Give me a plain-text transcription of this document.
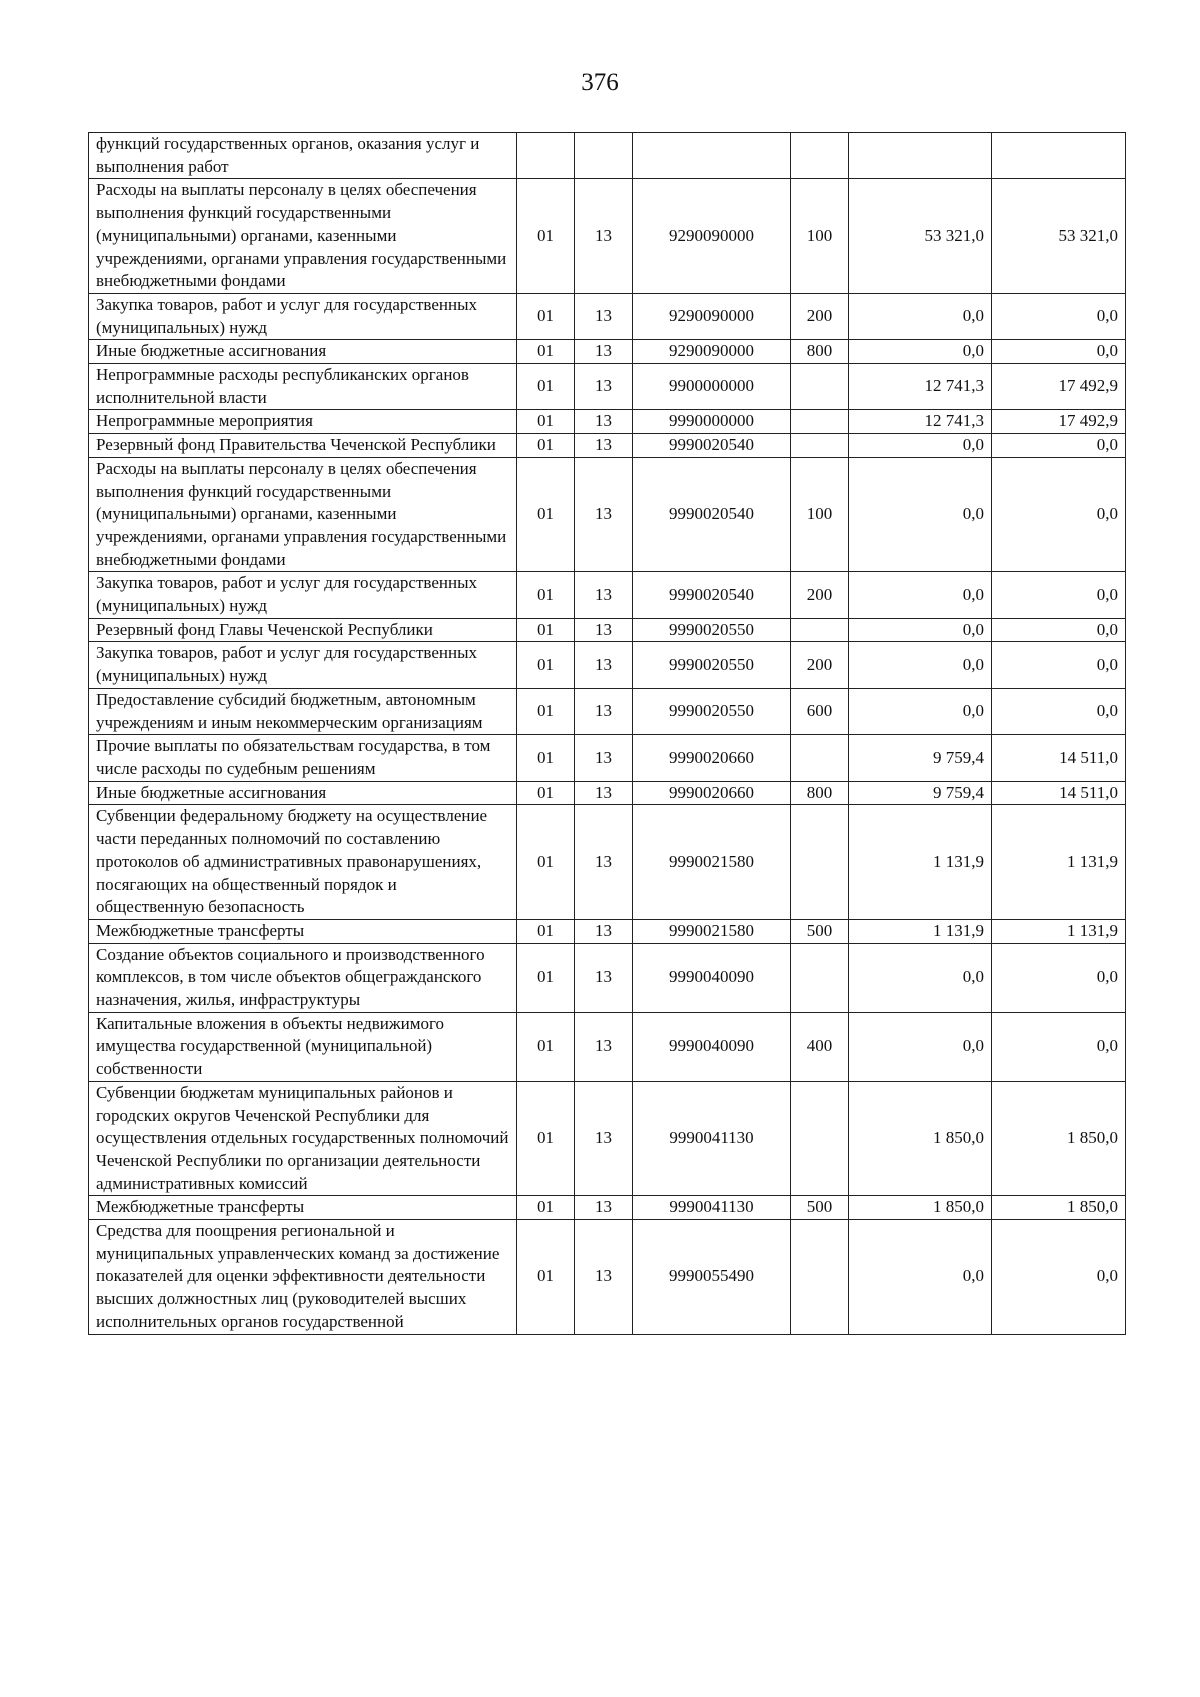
376
функций государственных органов, оказания услуг и выполнения работ						
Расходы на выплаты персоналу в целях обеспечения выполнения функций государственными (муниципальными) органами, казенными учреждениями, органами управления государственными внебюджетными фондами	01	13	9290090000	100	53 321,0	53 321,0
Закупка товаров, работ и услуг для государственных (муниципальных) нужд	01	13	9290090000	200	0,0	0,0
Иные бюджетные ассигнования	01	13	9290090000	800	0,0	0,0
Непрограммные расходы республиканских органов исполнительной власти	01	13	9900000000		12 741,3	17 492,9
Непрограммные мероприятия	01	13	9990000000		12 741,3	17 492,9
Резервный фонд Правительства Чеченской Республики	01	13	9990020540		0,0	0,0
Расходы на выплаты персоналу в целях обеспечения выполнения функций государственными (муниципальными) органами, казенными учреждениями, органами управления государственными внебюджетными фондами	01	13	9990020540	100	0,0	0,0
Закупка товаров, работ и услуг для государственных (муниципальных) нужд	01	13	9990020540	200	0,0	0,0
Резервный фонд Главы Чеченской Республики	01	13	9990020550		0,0	0,0
Закупка товаров, работ и услуг для государственных (муниципальных) нужд	01	13	9990020550	200	0,0	0,0
Предоставление субсидий бюджетным, автономным учреждениям и иным некоммерческим организациям	01	13	9990020550	600	0,0	0,0
Прочие выплаты по обязательствам государства, в том числе расходы по судебным решениям	01	13	9990020660		9 759,4	14 511,0
Иные бюджетные ассигнования	01	13	9990020660	800	9 759,4	14 511,0
Субвенции федеральному бюджету на осуществление части переданных полномочий по составлению протоколов об административных правонарушениях, посягающих на общественный порядок и общественную безопасность	01	13	9990021580		1 131,9	1 131,9
Межбюджетные трансферты	01	13	9990021580	500	1 131,9	1 131,9
Создание объектов социального и производственного комплексов, в том числе объектов общегражданского назначения, жилья, инфраструктуры	01	13	9990040090		0,0	0,0
Капитальные вложения в объекты недвижимого имущества государственной (муниципальной) собственности	01	13	9990040090	400	0,0	0,0
Субвенции бюджетам муниципальных районов и городских округов Чеченской Республики для осуществления отдельных государственных полномочий Чеченской Республики по организации деятельности административных комиссий	01	13	9990041130		1 850,0	1 850,0
Межбюджетные трансферты	01	13	9990041130	500	1 850,0	1 850,0
Средства для поощрения региональной и муниципальных управленческих команд за достижение показателей для оценки эффективности деятельности высших должностных лиц (руководителей высших исполнительных органов государственной	01	13	9990055490		0,0	0,0
